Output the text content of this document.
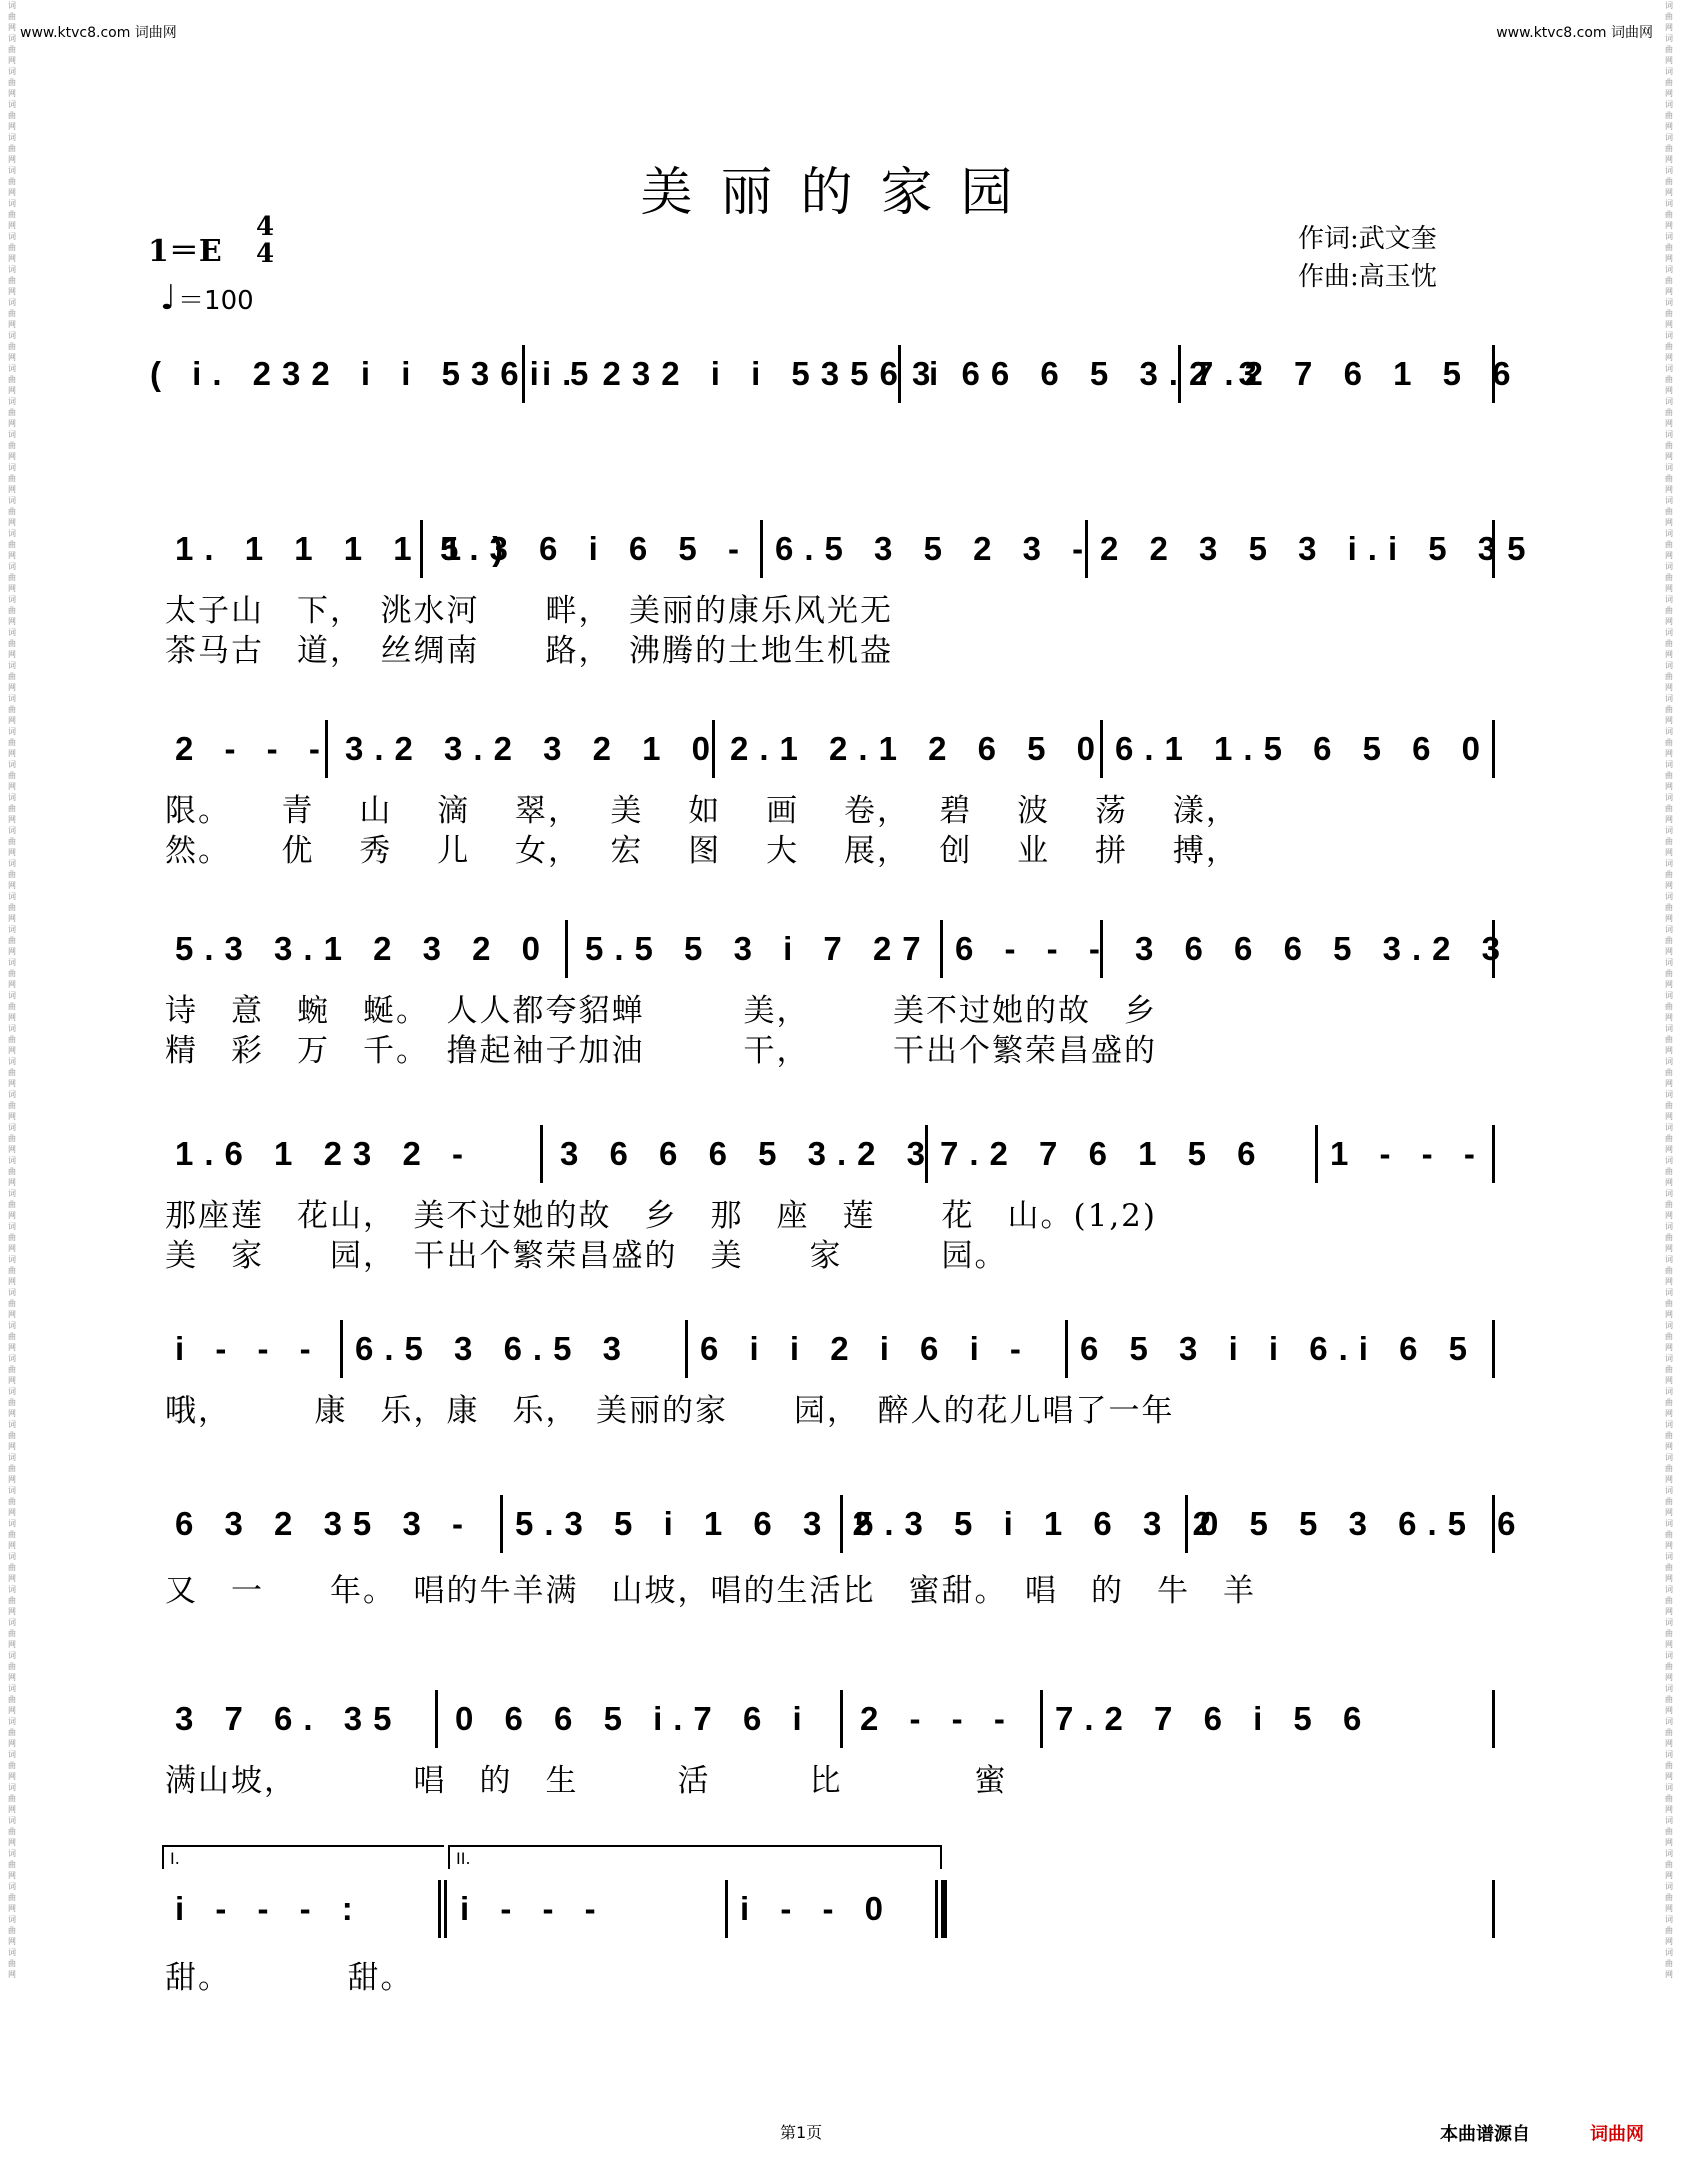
词曲网
词曲网
词曲网
词曲网
词曲网
词曲网
词曲网
词曲网
词曲网
词曲网
词曲网
词曲网
词曲网
词曲网
词曲网
词曲网
词曲网
词曲网
词曲网
词曲网
词曲网
词曲网
词曲网
词曲网
词曲网
词曲网
词曲网
词曲网
词曲网
词曲网
词曲网
词曲网
词曲网
词曲网
词曲网
词曲网
词曲网
词曲网
词曲网
词曲网
词曲网
词曲网
词曲网
词曲网
词曲网
词曲网
词曲网
词曲网
词曲网
词曲网
词曲网
词曲网
词曲网
词曲网
词曲网
词曲网
词曲网
词曲网
词曲网
词曲网
词曲网
词曲网
词曲网
词曲网
词曲网
词曲网
词曲网
词曲网
词曲网
词曲网
词曲网
词曲网
词曲网
词曲网
词曲网
词曲网
词曲网
词曲网
词曲网
词曲网
词曲网
词曲网
词曲网
词曲网
词曲网
词曲网
词曲网
词曲网
词曲网
词曲网
词曲网
词曲网
词曲网
词曲网
词曲网
词曲网
词曲网
词曲网
词曲网
词曲网
词曲网
词曲网
词曲网
词曲网
词曲网
词曲网
词曲网
词曲网
词曲网
词曲网
词曲网
词曲网
词曲网
词曲网
词曲网
词曲网
词曲网
词曲网
词曲网
词曲网
www.ktvc8.com 词曲网	www.ktvc8.com 词曲网
美丽的家园
1＝E
4
4
♩ ＝100
作词:武文奎
作曲:高玉忱
( i. 232 i i 536i 5
i. 232 i i 5356 i
3 66 6 5 3.2 3
7.2 7 6 1 5 6
1. 1 1 1 1 1 )
5.3 6 i 6 5 - 6.5 3 5 2 3 - 2 2 3 5 3 i.i 5 35
太子山　下，　洮水河　　畔，　美丽的康乐风光无
茶马古　道，　丝绸南　　路，　沸腾的土地生机盎
2 - - - 3.2 3.2 3 2 1 0 2.1 2.1 2 6 5 0 6.1 1.5 6 5 6 0
限。　　青　 山　 滴　 翠，　 美　 如　 画　 卷，　 碧　 波　 荡　 漾，
然。　　优　 秀　 儿　 女，　 宏　 图　 大　 展，　 创　 业　 拼　 搏，
5.3 3.1 2 3 2 0 5.5 5 3 i 7 27 6 - - - 3 6 6 6 5 3.2 3
诗　意　蜿　蜒。　人人都夸貂蝉　　　美，　　　美不过她的故　乡
精　彩　万　千。　撸起袖子加油　　　干，　　　干出个繁荣昌盛的
1.6 1 23 2 -	3 6 6 6 5 3.2 3 7.2 7 6 1 5 6 1 - - -
那座莲　花山，　美不过她的故　乡　那　座　莲　　花　山。(1,2)
美　家　　园，　干出个繁荣昌盛的　美　　家　　　园。
i - - - 6.5 3 6.5 3 6 i i 2 i 6 i - 6 5 3 i i 6.i 6 5
哦，　　　康　乐，康　乐，　美丽的家　　园，　醉人的花儿唱了一年
6 3 2 35 3 - 5.3 5 i 1 6 3 2
5.3 5 i 1 6 3 2
0 5 5 3 6.5 6
又　一　　年。　唱的牛羊满　山坡，唱的生活比　蜜甜。　唱　的　牛　羊
3 7 6. 35 0 6 6 5 i.7 6 i 2 - - - 7.2 7 6 i 5 6
满山坡，　　　　唱　的　生　　　活　　　比　　　　蜜
I.	II.
i - - - :	i - - -	i - - 0
甜。　　　　甜。
第1页	本曲谱源自	词曲网
